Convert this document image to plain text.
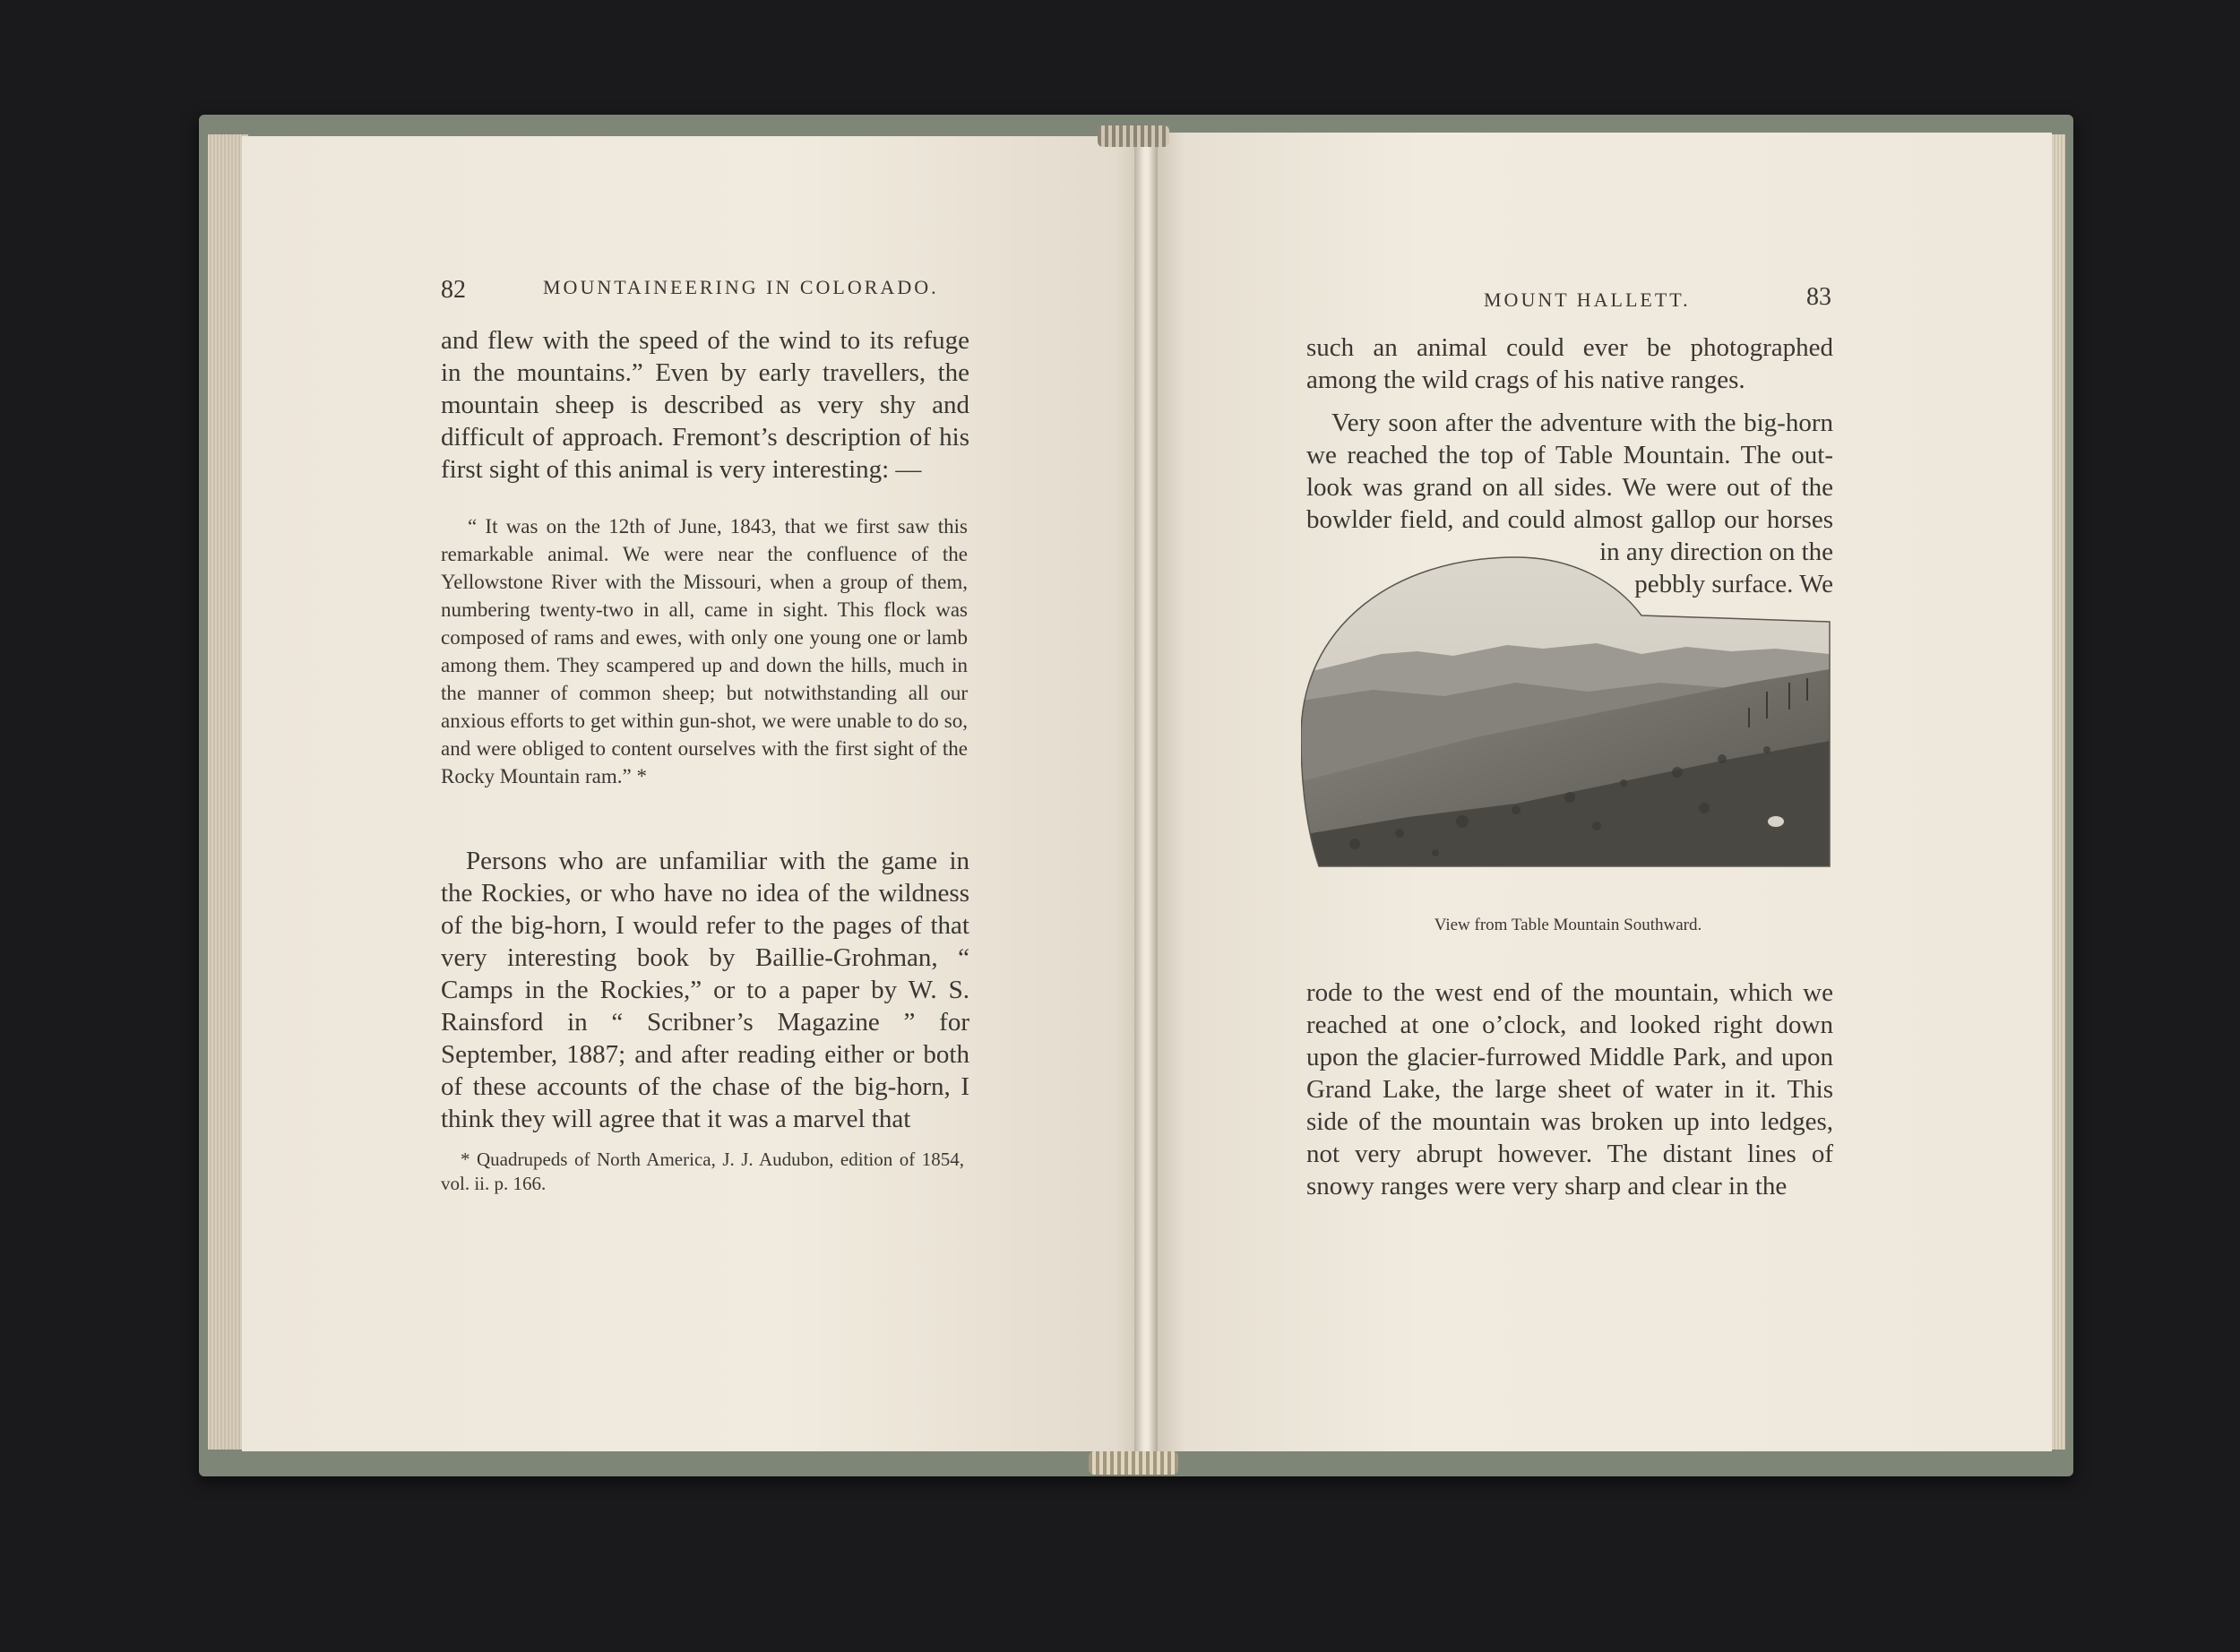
82	MOUNTAINEERING IN COLORADO.

and flew with the speed of the wind to its refuge in the mountains.” Even by early travellers, the mountain sheep is described as very shy and difficult of approach. Fremont’s description of his first sight of this animal is very interesting: —

“ It was on the 12th of June, 1843, that we first saw this remarkable animal. We were near the confluence of the Yellowstone River with the Missouri, when a group of them, numbering twenty-two in all, came in sight. This flock was composed of rams and ewes, with only one young one or lamb among them. They scampered up and down the hills, much in the manner of common sheep; but notwithstanding all our anxious efforts to get within gun-shot, we were unable to do so, and were obliged to content ourselves with the first sight of the Rocky Mountain ram.” *

Persons who are unfamiliar with the game in the Rockies, or who have no idea of the wildness of the big-horn, I would refer to the pages of that very interesting book by Baillie-Grohman, “ Camps in the Rockies,” or to a paper by W. S. Rainsford in “ Scribner’s Magazine ” for September, 1887; and after reading either or both of these accounts of the chase of the big-horn, I think they will agree that it was a marvel that

* Quadrupeds of North America, J. J. Audubon, edition of 1854, vol. ii. p. 166.

MOUNT HALLETT.	83

such an animal could ever be photographed among the wild crags of his native ranges.

Very soon after the adventure with the big-horn
we reached the top of Table Mountain. The out-
look was grand on all sides. We were out of the
bowlder field, and could almost gallop our horses
in any direction on the
pebbly surface. We
View from Table Mountain Southward.

rode to the west end of the mountain, which we reached at one o’clock, and looked right down upon the glacier-furrowed Middle Park, and upon Grand Lake, the large sheet of water in it. This side of the mountain was broken up into ledges, not very abrupt however. The distant lines of snowy ranges were very sharp and clear in the
